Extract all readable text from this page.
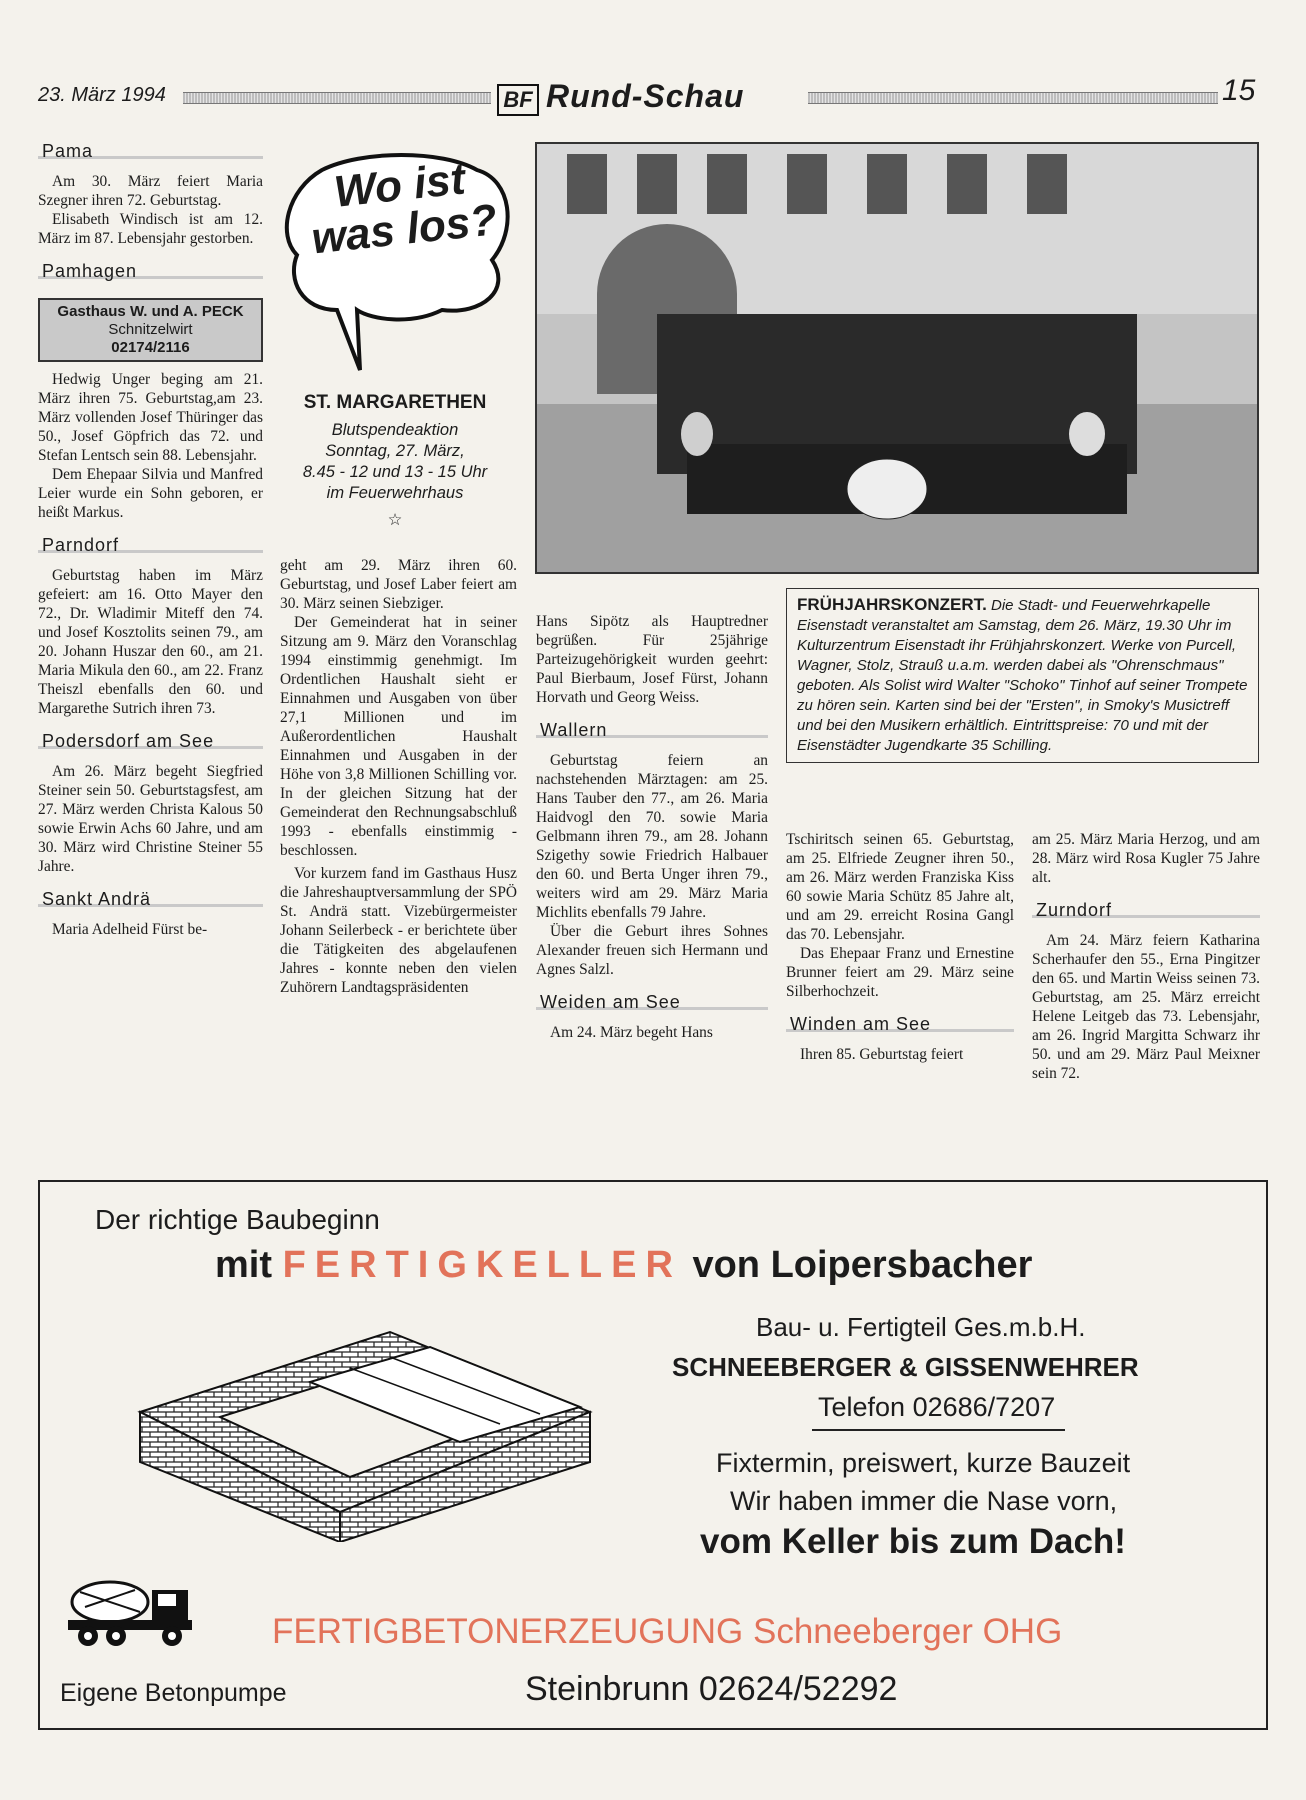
23. März 1994	BF Rund-Schau	15
Pama

Am 30. März feiert Maria Szegner ihren 72. Geburtstag.

Elisabeth Windisch ist am 12. März im 87. Lebensjahr gestorben.

Pamhagen
Gasthaus W. und A. PECK
Schnitzelwirt
02174/2116

Hedwig Unger beging am 21. März ihren 75. Geburtstag,am 23. März vollenden Josef Thüringer das 50., Josef Göpfrich das 72. und Stefan Lentsch sein 88. Lebensjahr.

Dem Ehepaar Silvia und Manfred Leier wurde ein Sohn geboren, er heißt Markus.

Parndorf

Geburtstag haben im März gefeiert: am 16. Otto Mayer den 72., Dr. Wladimir Miteff den 74. und Josef Kosztolits seinen 79., am 20. Johann Huszar den 60., am 21. Maria Mikula den 60., am 22. Franz Theiszl ebenfalls den 60. und Margarethe Sutrich ihren 73.

Podersdorf am See

Am 26. März begeht Siegfried Steiner sein 50. Geburtstagsfest, am 27. März werden Christa Kalous 50 sowie Erwin Achs 60 Jahre, und am 30. März wird Christine Steiner 55 Jahre.

Sankt Andrä

Maria Adelheid Fürst be-

Wo ist was los?
ST. MARGARETHEN
Blutspendeaktion
Sonntag, 27. März,
8.45 - 12 und 13 - 15 Uhr
im Feuerwehrhaus
☆

geht am 29. März ihren 60. Geburtstag, und Josef Laber feiert am 30. März seinen Siebziger.

Der Gemeinderat hat in seiner Sitzung am 9. März den Voranschlag 1994 einstimmig genehmigt. Im Ordentlichen Haushalt sieht er Einnahmen und Ausgaben von über 27,1 Millionen und im Außerordentlichen Haushalt Einnahmen und Ausgaben in der Höhe von 3,8 Millionen Schilling vor. In der gleichen Sitzung hat der Gemeinderat den Rechnungsabschluß 1993 - ebenfalls einstimmig - beschlossen.

Vor kurzem fand im Gasthaus Husz die Jahreshauptversammlung der SPÖ St. Andrä statt. Vizebürgermeister Johann Seilerbeck - er berichtete über die Tätigkeiten des abgelaufenen Jahres - konnte neben den vielen Zuhörern Landtagspräsidenten

FRÜHJAHRSKONZERT. Die Stadt- und Feuerwehrkapelle Eisenstadt veranstaltet am Samstag, dem 26. März, 19.30 Uhr im Kulturzentrum Eisenstadt ihr Frühjahrskonzert. Werke von Purcell, Wagner, Stolz, Strauß u.a.m. werden dabei als "Ohrenschmaus" geboten. Als Solist wird Walter "Schoko" Tinhof auf seiner Trompete zu hören sein. Karten sind bei der "Ersten", in Smoky's Musictreff und bei den Musikern erhältlich. Eintrittspreise: 70 und mit der Eisenstädter Jugendkarte 35 Schilling.

Hans Sipötz als Hauptredner begrüßen. Für 25jährige Parteizugehörigkeit wurden geehrt: Paul Bierbaum, Josef Fürst, Johann Horvath und Georg Weiss.

Wallern

Geburtstag feiern an nachstehenden Märztagen: am 25. Hans Tauber den 77., am 26. Maria Haidvogl den 70. sowie Maria Gelbmann ihren 79., am 28. Johann Szigethy sowie Friedrich Halbauer den 60. und Berta Unger ihren 79., weiters wird am 29. März Maria Michlits ebenfalls 79 Jahre.

Über die Geburt ihres Sohnes Alexander freuen sich Hermann und Agnes Salzl.

Weiden am See

Am 24. März begeht Hans

Tschiritsch seinen 65. Geburtstag, am 25. Elfriede Zeugner ihren 50., am 26. März werden Franziska Kiss 60 sowie Maria Schütz 85 Jahre alt, und am 29. erreicht Rosina Gangl das 70. Lebensjahr.

Das Ehepaar Franz und Ernestine Brunner feiert am 29. März seine Silberhochzeit.

Winden am See

Ihren 85. Geburtstag feiert

am 25. März Maria Herzog, und am 28. März wird Rosa Kugler 75 Jahre alt.

Zurndorf

Am 24. März feiern Katharina Scherhaufer den 55., Erna Pingitzer den 65. und Martin Weiss seinen 73. Geburtstag, am 25. März erreicht Helene Leitgeb das 73. Lebensjahr, am 26. Ingrid Margitta Schwarz ihr 50. und am 29. März Paul Meixner sein 72.

Der richtige Baubeginn
mit FERTIGKELLER von Loipersbacher
Bau- u. Fertigteil Ges.m.b.H.
SCHNEEBERGER & GISSENWEHRER
Telefon 02686/7207
Fixtermin, preiswert, kurze Bauzeit
Wir haben immer die Nase vorn,
vom Keller bis zum Dach!
FERTIGBETONERZEUGUNG Schneeberger OHG
Eigene Betonpumpe	Steinbrunn 02624/52292
